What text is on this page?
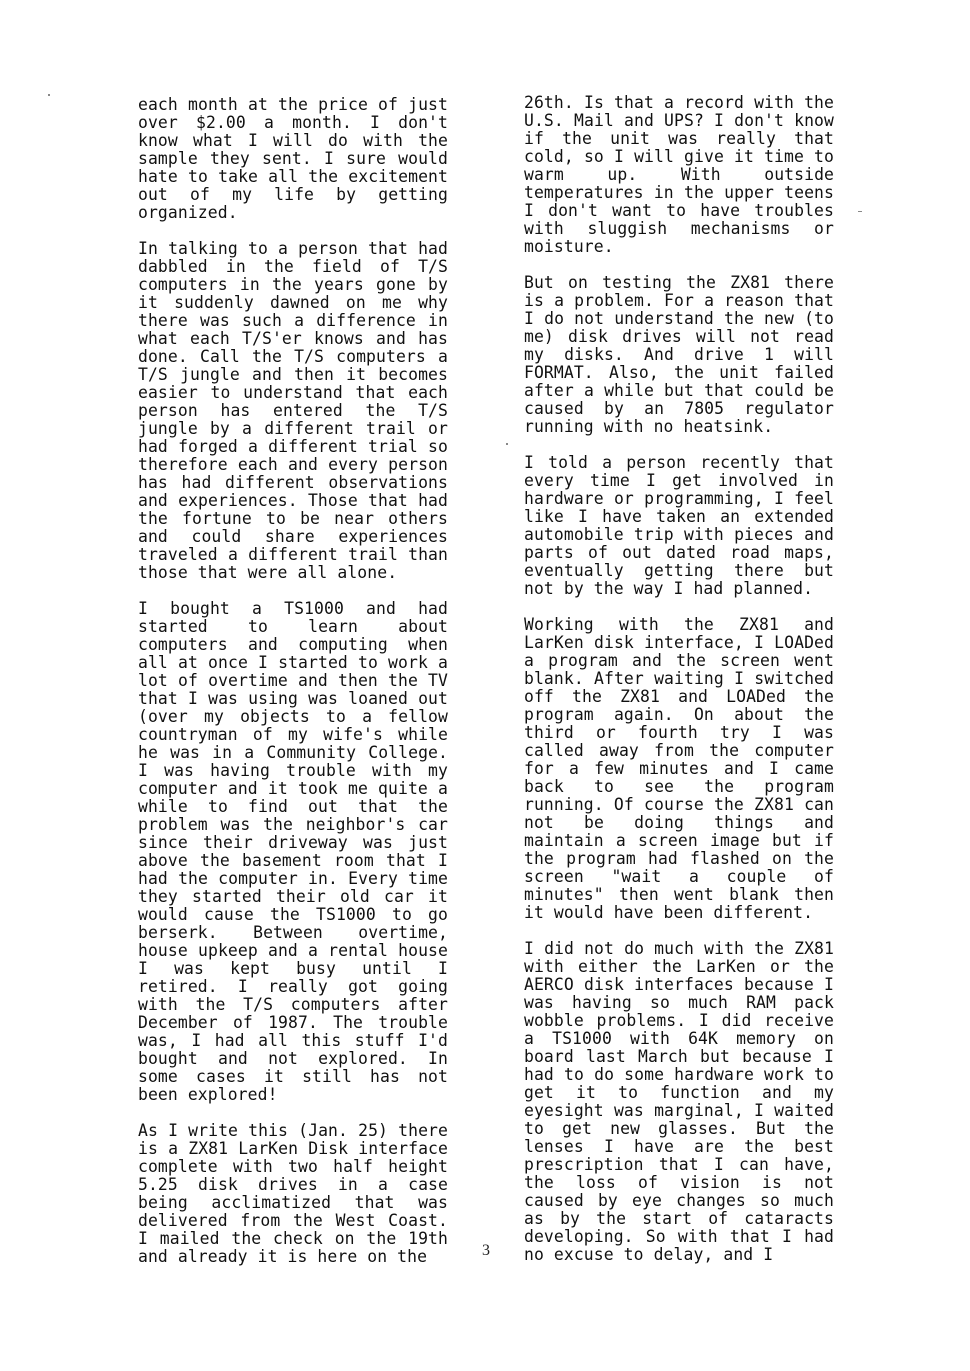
each month at the price of just over $2.00 a month. I don't know what I will do with the sample they sent. I sure would hate to take all the excitement out of my life by getting organized.

In talking to a person that had dabbled in the field of T/S computers in the years gone by it suddenly dawned on me why there was such a difference in what each T/S'er knows and has done. Call the T/S computers a T/S jungle and then it becomes easier to understand that each person has entered the T/S jungle by a different trail or had forged a different trial so therefore each and every person has had different observations and experiences. Those that had the fortune to be near others and could share experiences traveled a different trail than those that were all alone.

I bought a TS1000 and had started to learn about computers and computing when all at once I started to work a lot of overtime and then the TV that I was using was loaned out (over my objects to a fellow countryman of my wife's while he was in a Community College. I was having trouble with my computer and it took me quite a while to find out that the problem was the neighbor's car since their driveway was just above the basement room that I had the computer in. Every time they started their old car it would cause the TS1000 to go berserk. Between overtime, house upkeep and a rental house I was kept busy until I retired. I really got going with the T/S computers after December of 1987. The trouble was, I had all this stuff I'd bought and not explored. In some cases it still has not been explored!

As I write this (Jan. 25) there is a ZX81 LarKen Disk interface complete with two half height 5.25 disk drives in a case being acclimatized that was delivered from the West Coast. I mailed the check on the 19th and already it is here on the

26th. Is that a record with the U.S. Mail and UPS? I don't know if the unit was really that cold, so I will give it time to warm up. With outside temperatures in the upper teens I don't want to have troubles with sluggish mechanisms or moisture.

But on testing the ZX81 there is a problem. For a reason that I do not understand the new (to me) disk drives will not read my disks. And drive 1 will FORMAT. Also, the unit failed after a while but that could be caused by an 7805 regulator running with no heatsink.

I told a person recently that every time I get involved in hardware or programming, I feel like I have taken an extended automobile trip with pieces and parts of out dated road maps, eventually getting there but not by the way I had planned.

Working with the ZX81 and LarKen disk interface, I LOADed a program and the screen went blank. After waiting I switched off the ZX81 and LOADed the program again. On about the third or fourth try I was called away from the computer for a few minutes and I came back to see the program running. Of course the ZX81 can not be doing things and maintain a screen image but if the program had flashed on the screen "wait a couple of minutes" then went blank then it would have been different.

I did not do much with the ZX81 with either the LarKen or the AERCO disk interfaces because I was having so much RAM pack wobble problems. I did receive a TS1000 with 64K memory on board last March but because I had to do some hardware work to get it to function and my eyesight was marginal, I waited to get new glasses. But the lenses I have are the best prescription that I can have, the loss of vision is not caused by eye changes so much as by the start of cataracts developing. So with that I had no excuse to delay, and I

3
